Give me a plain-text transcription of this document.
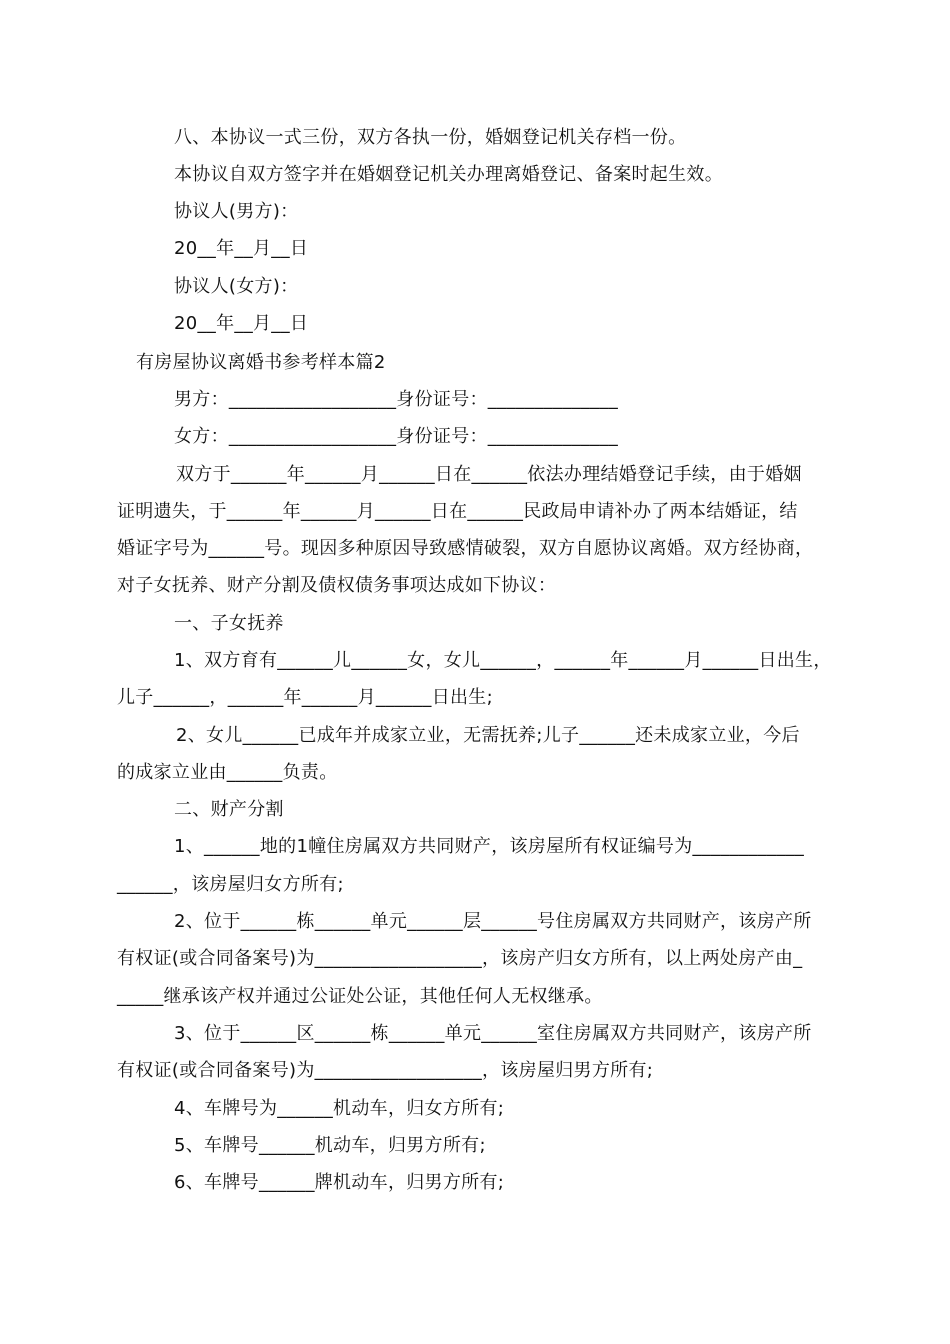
八、本协议一式三份，双方各执一份，婚姻登记机关存档一份。
本协议自双方签字并在婚姻登记机关办理离婚登记、备案时起生效。
协议人(男方)：
20__年__月__日
协议人(女方)：
20__年__月__日
有房屋协议离婚书参考样本篇2
男方：__________________身份证号：______________
女方：__________________身份证号：______________
双方于______年______月______日在______依法办理结婚登记手续，由于婚姻
证明遗失，于______年______月______日在______民政局申请补办了两本结婚证，结
婚证字号为______号。现因多种原因导致感情破裂，双方自愿协议离婚。双方经协商，
对子女抚养、财产分割及债权债务事项达成如下协议：
一、子女抚养
1、双方育有______儿______女，女儿______，______年______月______日出生，
儿子______，______年______月______日出生;
2、女儿______已成年并成家立业，无需抚养;儿子______还未成家立业，今后
的成家立业由______负责。
二、财产分割
1、______地的1幢住房属双方共同财产，该房屋所有权证编号为____________
______，该房屋归女方所有;
2、位于______栋______单元______层______号住房属双方共同财产，该房产所
有权证(或合同备案号)为__________________，该房产归女方所有，以上两处房产由_
_____继承该产权并通过公证处公证，其他任何人无权继承。
3、位于______区______栋______单元______室住房属双方共同财产，该房产所
有权证(或合同备案号)为__________________，该房屋归男方所有;
4、车牌号为______机动车，归女方所有;
5、车牌号______机动车，归男方所有;
6、车牌号______牌机动车，归男方所有;
